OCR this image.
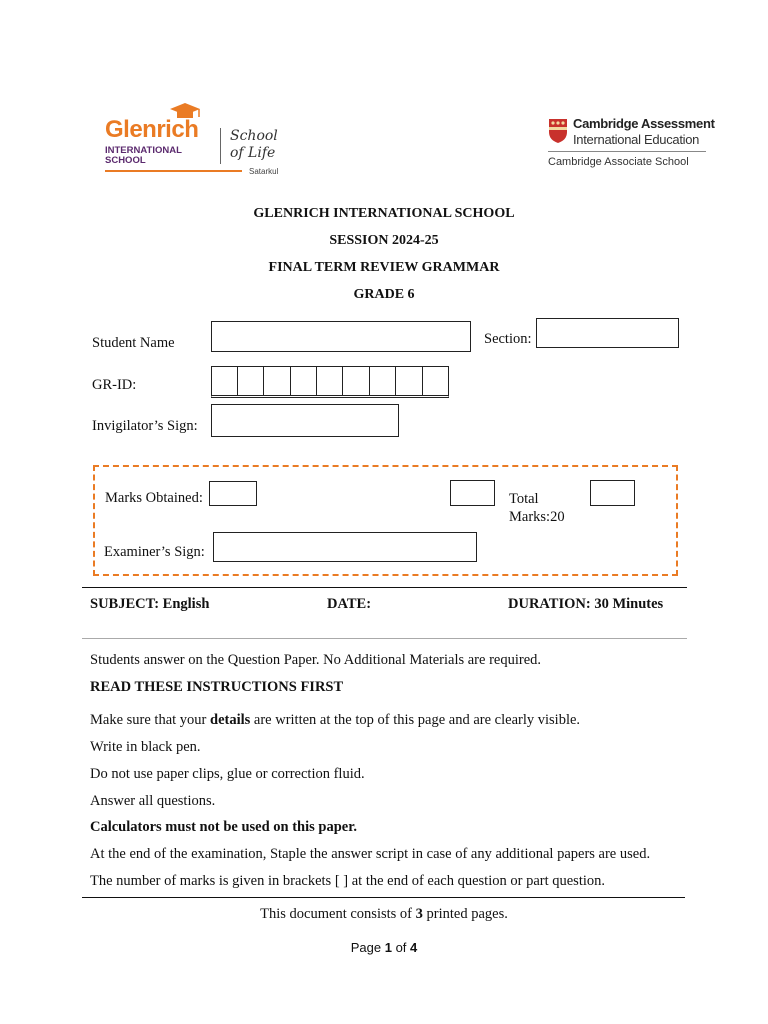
Glenrich
INTERNATIONAL
SCHOOL
School
of Life
Satarkul
Cambridge Assessment
International Education
Cambridge Associate School
GLENRICH INTERNATIONAL SCHOOL
SESSION 2024-25
FINAL TERM REVIEW GRAMMAR
GRADE 6
Student Name	Section:
GR-ID:
Invigilator’s Sign:
Marks Obtained:	Total
Marks:20
Examiner’s Sign:
SUBJECT: English	DATE:	DURATION: 30 Minutes
Students answer on the Question Paper. No Additional Materials are required.
READ THESE INSTRUCTIONS FIRST
Make sure that your details are written at the top of this page and are clearly visible.
Write in black pen.
Do not use paper clips, glue or correction fluid.
Answer all questions.
Calculators must not be used on this paper.
At the end of the examination, Staple the answer script in case of any additional papers are used.
The number of marks is given in brackets [ ] at the end of each question or part question.
This document consists of 3 printed pages.
Page 1 of 4
